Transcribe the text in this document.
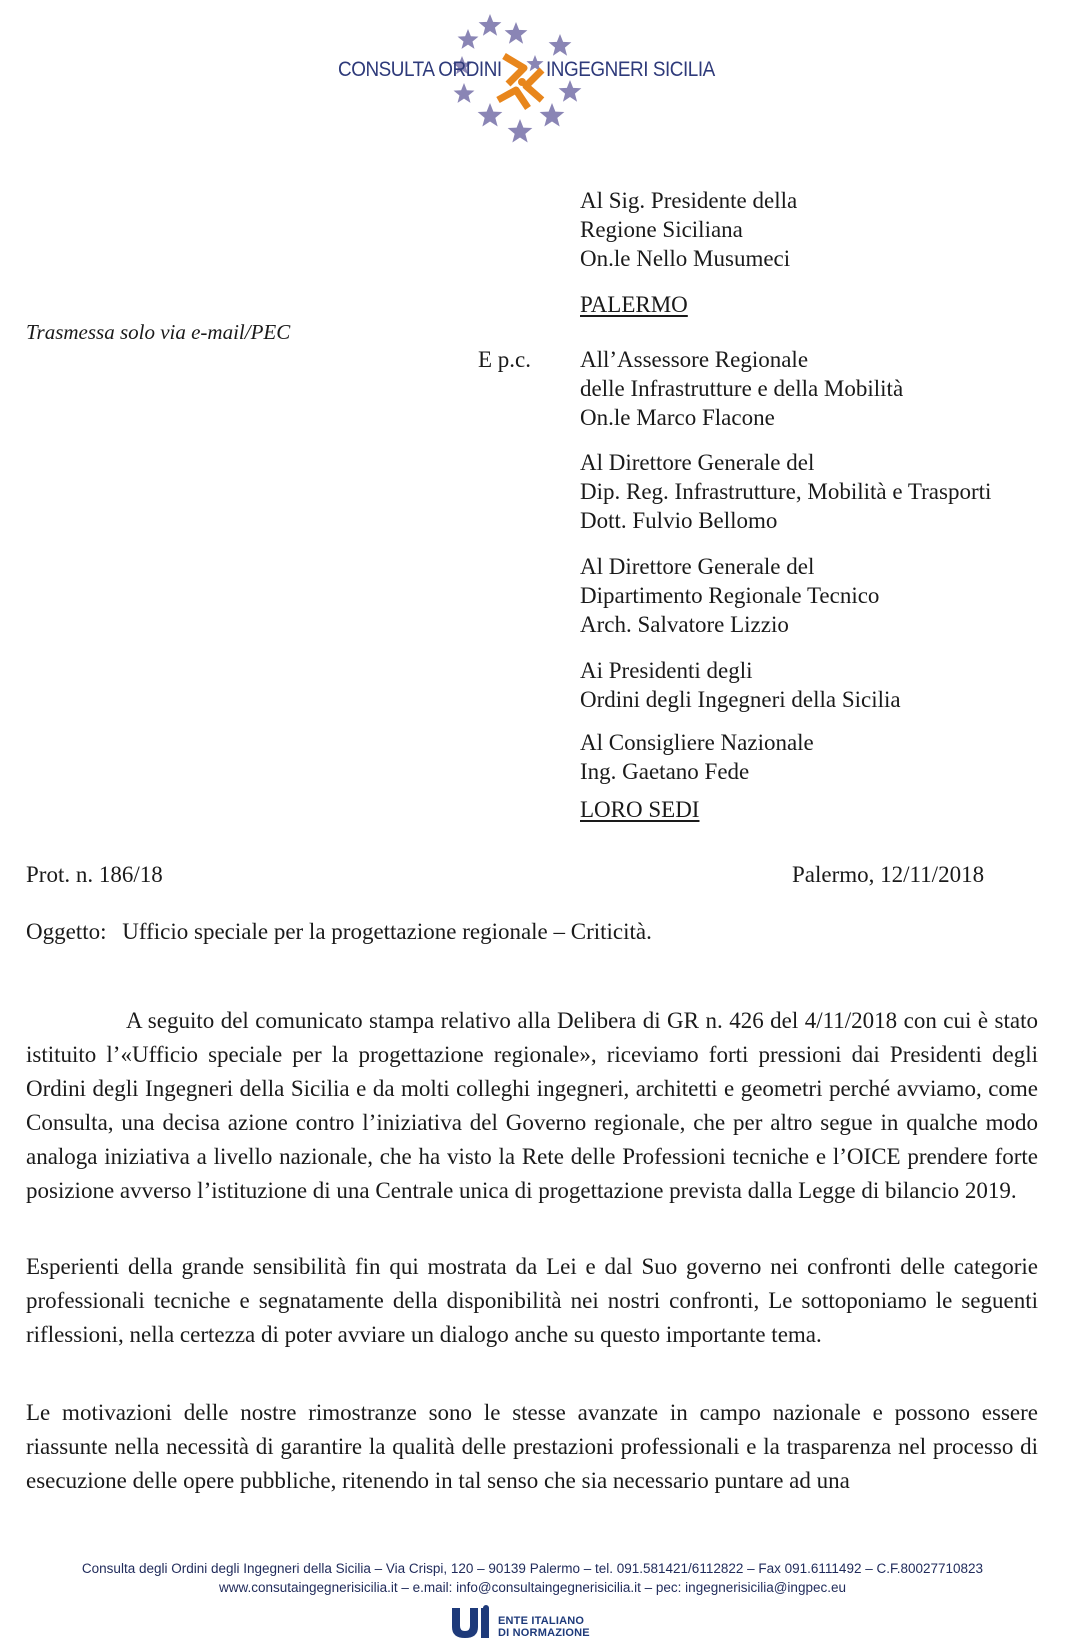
CONSULTA ORDINI INGEGNERI SICILIA
Al Sig. Presidente della
Regione Siciliana
On.le Nello Musumeci
PALERMO
Trasmessa solo via e-mail/PEC
E p.c. All’Assessore Regionale
delle Infrastrutture e della Mobilità
On.le Marco Flacone
Al Direttore Generale del
Dip. Reg. Infrastrutture, Mobilità e Trasporti
Dott. Fulvio Bellomo
Al Direttore Generale del
Dipartimento Regionale Tecnico
Arch. Salvatore Lizzio
Ai Presidenti degli
Ordini degli Ingegneri della Sicilia
Al Consigliere Nazionale
Ing. Gaetano Fede
LORO SEDI
Prot. n. 186/18	Palermo, 12/11/2018
Oggetto: Ufficio speciale per la progettazione regionale – Criticità.
A seguito del comunicato stampa relativo alla Delibera di GR n. 426 del 4/11/2018 con cui è stato istituito l’«Ufficio speciale per la progettazione regionale», riceviamo forti pressioni dai Presidenti degli Ordini degli Ingegneri della Sicilia e da molti colleghi ingegneri, architetti e geometri perché avviamo, come Consulta, una decisa azione contro l’iniziativa del Governo regionale, che per altro segue in qualche modo analoga iniziativa a livello nazionale, che ha visto la Rete delle Professioni tecniche e l’OICE prendere forte posizione avverso l’istituzione di una Centrale unica di progettazione prevista dalla Legge di bilancio 2019.
Esperienti della grande sensibilità fin qui mostrata da Lei e dal Suo governo nei confronti delle categorie professionali tecniche e segnatamente della disponibilità nei nostri confronti, Le sottoponiamo le seguenti riflessioni, nella certezza di poter avviare un dialogo anche su questo importante tema.
Le motivazioni delle nostre rimostranze sono le stesse avanzate in campo nazionale e possono essere riassunte nella necessità di garantire la qualità delle prestazioni professionali e la trasparenza nel processo di esecuzione delle opere pubbliche, ritenendo in tal senso che sia necessario puntare ad una
Consulta degli Ordini degli Ingegneri della Sicilia – Via Crispi, 120 – 90139 Palermo – tel. 091.581421/6112822 – Fax 091.6111492 – C.F.80027710823
www.consutaingegnerisicilia.it – e.mail: info@consultaingegnerisicilia.it – pec: ingegnerisicilia@ingpec.eu
ENTE ITALIANO
DI NORMAZIONE
